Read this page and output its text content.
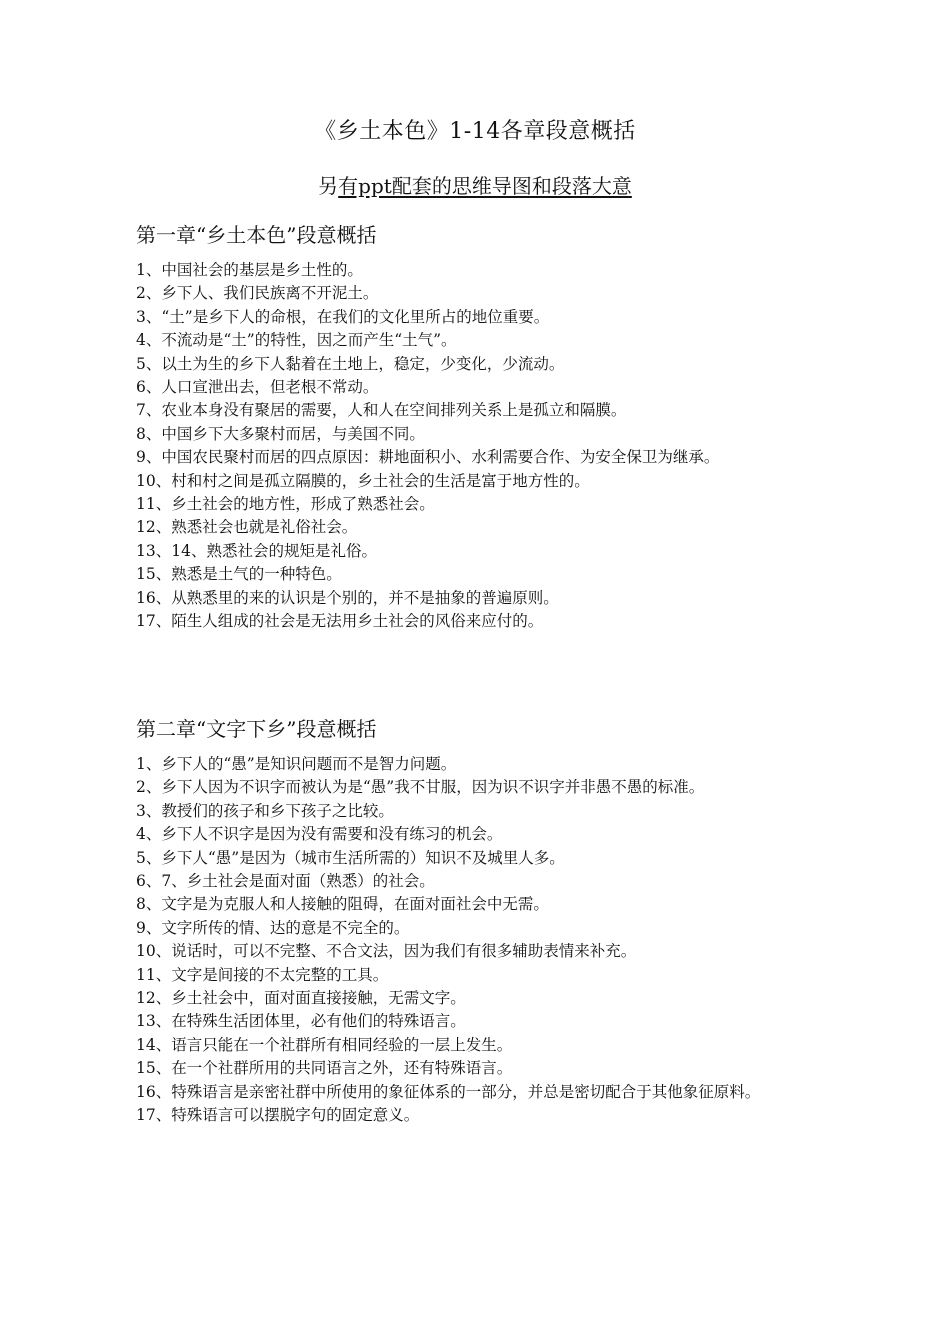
《乡土本色》1-14各章段意概括
另有ppt配套的思维导图和段落大意
第一章“乡土本色”段意概括
1、中国社会的基层是乡土性的。
2、乡下人、我们民族离不开泥土。
3、“土”是乡下人的命根，在我们的文化里所占的地位重要。
4、不流动是“土”的特性，因之而产生“土气”。
5、以土为生的乡下人黏着在土地上，稳定，少变化，少流动。
6、人口宣泄出去，但老根不常动。
7、农业本身没有聚居的需要，人和人在空间排列关系上是孤立和隔膜。
8、中国乡下大多聚村而居，与美国不同。
9、中国农民聚村而居的四点原因：耕地面积小、水利需要合作、为安全保卫为继承。
10、村和村之间是孤立隔膜的，乡土社会的生活是富于地方性的。
11、乡土社会的地方性，形成了熟悉社会。
12、熟悉社会也就是礼俗社会。
13、14、熟悉社会的规矩是礼俗。
15、熟悉是土气的一种特色。
16、从熟悉里的来的认识是个别的，并不是抽象的普遍原则。
17、陌生人组成的社会是无法用乡土社会的风俗来应付的。
第二章“文字下乡”段意概括
1、乡下人的“愚”是知识问题而不是智力问题。
2、乡下人因为不识字而被认为是“愚”我不甘服，因为识不识字并非愚不愚的标准。
3、教授们的孩子和乡下孩子之比较。
4、乡下人不识字是因为没有需要和没有练习的机会。
5、乡下人“愚”是因为（城市生活所需的）知识不及城里人多。
6、7、乡土社会是面对面（熟悉）的社会。
8、文字是为克服人和人接触的阻碍，在面对面社会中无需。
9、文字所传的情、达的意是不完全的。
10、说话时，可以不完整、不合文法，因为我们有很多辅助表情来补充。
11、文字是间接的不太完整的工具。
12、乡土社会中，面对面直接接触，无需文字。
13、在特殊生活团体里，必有他们的特殊语言。
14、语言只能在一个社群所有相同经验的一层上发生。
15、在一个社群所用的共同语言之外，还有特殊语言。
16、特殊语言是亲密社群中所使用的象征体系的一部分，并总是密切配合于其他象征原料。
17、特殊语言可以摆脱字句的固定意义。
